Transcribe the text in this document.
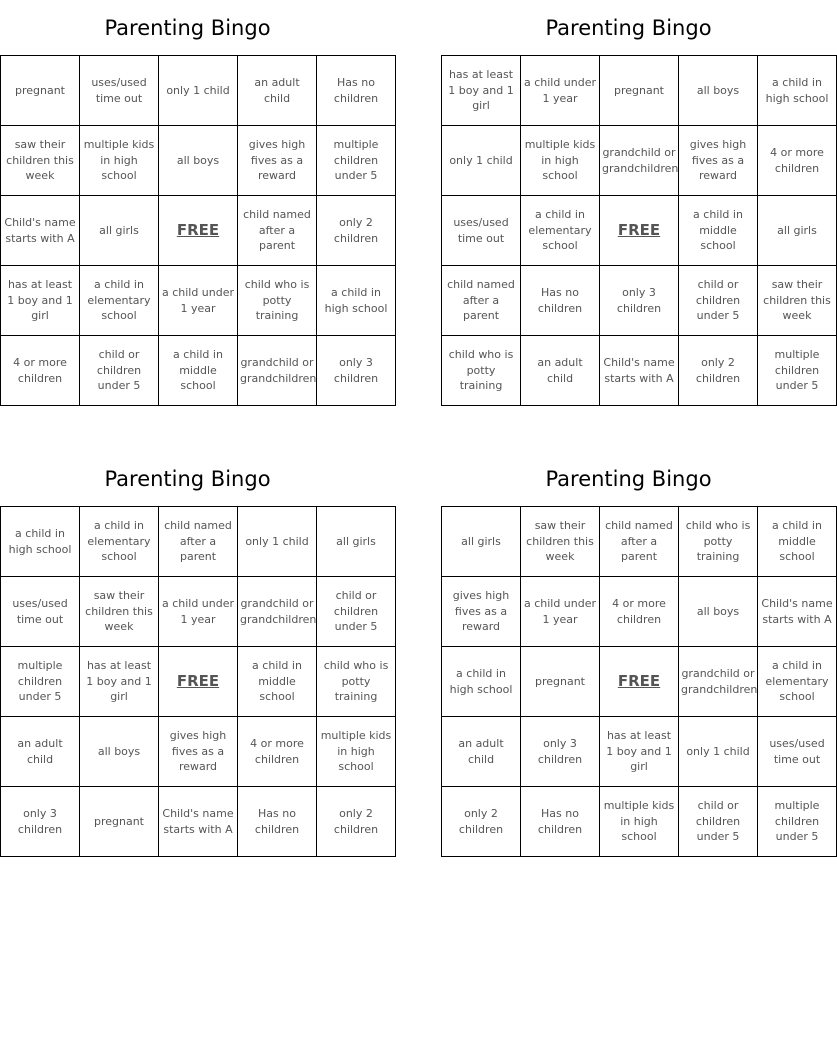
Parenting Bingo
pregnant	uses/used time out	only 1 child	an adult child	Has no children
saw their children this week	multiple kids in high school	all boys	gives high fives as a reward	multiple children under 5
Child's name starts with A	all girls	FREE	child named after a parent	only 2 children
has at least 1 boy and 1 girl	a child in elementary school	a child under 1 year	child who is potty training	a child in high school
4 or more children	child or children under 5	a child in middle school	grandchild or grandchildren	only 3 children
Parenting Bingo
has at least 1 boy and 1 girl	a child under 1 year	pregnant	all boys	a child in high school
only 1 child	multiple kids in high school	grandchild or grandchildren	gives high fives as a reward	4 or more children
uses/used time out	a child in elementary school	FREE	a child in middle school	all girls
child named after a parent	Has no children	only 3 children	child or children under 5	saw their children this week
child who is potty training	an adult child	Child's name starts with A	only 2 children	multiple children under 5
Parenting Bingo
a child in high school	a child in elementary school	child named after a parent	only 1 child	all girls
uses/used time out	saw their children this week	a child under 1 year	grandchild or grandchildren	child or children under 5
multiple children under 5	has at least 1 boy and 1 girl	FREE	a child in middle school	child who is potty training
an adult child	all boys	gives high fives as a reward	4 or more children	multiple kids in high school
only 3 children	pregnant	Child's name starts with A	Has no children	only 2 children
Parenting Bingo
all girls	saw their children this week	child named after a parent	child who is potty training	a child in middle school
gives high fives as a reward	a child under 1 year	4 or more children	all boys	Child's name starts with A
a child in high school	pregnant	FREE	grandchild or grandchildren	a child in elementary school
an adult child	only 3 children	has at least 1 boy and 1 girl	only 1 child	uses/used time out
only 2 children	Has no children	multiple kids in high school	child or children under 5	multiple children under 5
